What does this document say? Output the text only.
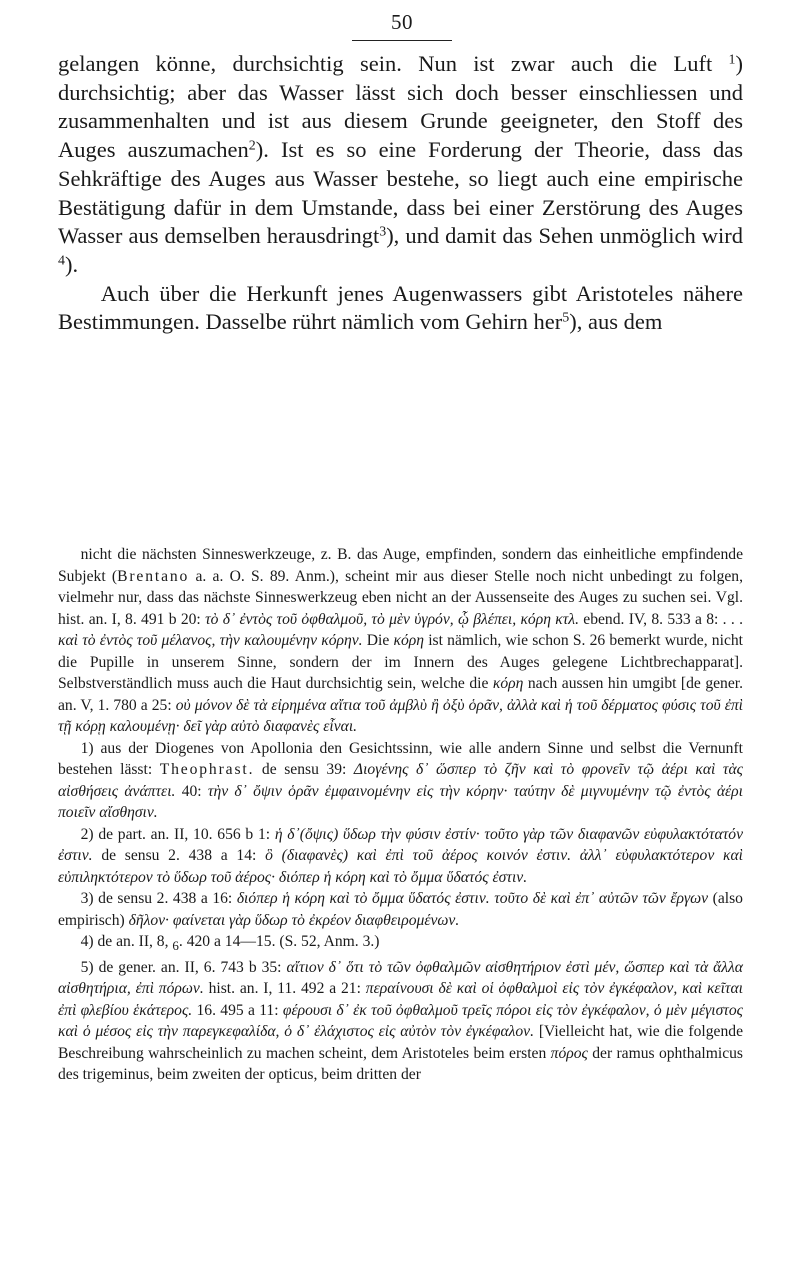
50

gelangen könne, durchsichtig sein. Nun ist zwar auch die Luft $^1$) durchsichtig; aber das Wasser lässt sich doch besser einschliessen und zusammenhalten und ist aus diesem Grunde geeigneter, den Stoff des Auges auszumachen$^2$). Ist es so eine Forderung der Theorie, dass das Sehkräftige des Auges aus Wasser bestehe, so liegt auch eine empirische Bestätigung dafür in dem Umstande, dass bei einer Zerstörung des Auges Wasser aus demselben herausdringt$^3$), und damit das Sehen unmöglich wird $^4$).

Auch über die Herkunft jenes Augenwassers gibt Aristoteles nähere Bestimmungen. Dasselbe rührt nämlich vom Gehirn her$^5$), aus dem

nicht die nächsten Sinneswerkzeuge, z. B. das Auge, empfinden, sondern das einheitliche empfindende Subjekt (Brentano a. a. O. S. 89. Anm.), scheint mir aus dieser Stelle noch nicht unbedingt zu folgen, vielmehr nur, dass das nächste Sinneswerkzeug eben nicht an der Aussenseite des Auges zu suchen sei. Vgl. hist. an. I, 8. 491 b 20: τὸ δ᾽ ἐντὸς τοῦ ὀφθαλμοῦ, τὸ μὲν ὑγρόν, ᾧ βλέπει, κόρη κτλ. ebend. IV, 8. 533 a 8: . . . καὶ τὸ ἐντὸς τοῦ μέλανος, τὴν καλουμένην κόρην. Die κόρη ist nämlich, wie schon S. 26 bemerkt wurde, nicht die Pupille in unserem Sinne, sondern der im Innern des Auges gelegene Lichtbrechapparat]. Selbstverständlich muss auch die Haut durchsichtig sein, welche die κόρη nach aussen hin umgibt [de gener. an. V, 1. 780 a 25: οὐ μόνον δὲ τὰ εἰρημένα αἴτια τοῦ ἀμβλὺ ἢ ὀξὺ ὁρᾶν, ἀλλὰ καὶ ἡ τοῦ δέρματος φύσις τοῦ ἐπὶ τῇ κόρῃ καλουμένῃ· δεῖ γὰρ αὐτὸ διαφανὲς εἶναι.

1) aus der Diogenes von Apollonia den Gesichtssinn, wie alle andern Sinne und selbst die Vernunft bestehen lässt: Theophrast. de sensu 39: Διογένης δ᾽ ὥσπερ τὸ ζῆν καὶ τὸ φρονεῖν τῷ ἀέρι καὶ τὰς αἰσθήσεις ἀνάπτει. 40: τὴν δ᾽ ὄψιν ὁρᾶν ἐμφαινομένην εἰς τὴν κόρην· ταύτην δὲ μιγνυμένην τῷ ἐντὸς ἀέρι ποιεῖν αἴσθησιν.

2) de part. an. II, 10. 656 b 1: ἡ δ᾽(ὄψις) ὕδωρ τὴν φύσιν ἐστίν· τοῦτο γὰρ τῶν διαφανῶν εὐφυλακτότατόν ἐστιν. de sensu 2. 438 a 14: ὃ (διαφανὲς) καὶ ἐπὶ τοῦ ἀέρος κοινόν ἐστιν. ἀλλ᾽ εὐφυλακτότερον καὶ εὐπιληκτότερον τὸ ὕδωρ τοῦ ἀέρος· διόπερ ἡ κόρη καὶ τὸ ὄμμα ὕδατός ἐστιν.

3) de sensu 2. 438 a 16: διόπερ ἡ κόρη καὶ τὸ ὄμμα ὕδατός ἐστιν. τοῦτο δὲ καὶ ἐπ᾽ αὐτῶν τῶν ἔργων (also empirisch) δῆλον· φαίνεται γὰρ ὕδωρ τὸ ἐκρέον διαφθειρομένων.

4) de an. II, 8, $_6$. 420 a 14—15. (S. 52, Anm. 3.)

5) de gener. an. II, 6. 743 b 35: αἴτιον δ᾽ ὅτι τὸ τῶν ὀφθαλμῶν αἰσθητήριον ἐστὶ μέν, ὥσπερ καὶ τὰ ἄλλα αἰσθητήρια, ἐπὶ πόρων. hist. an. I, 11. 492 a 21: περαίνουσι δὲ καὶ οἱ ὀφθαλμοὶ εἰς τὸν ἐγκέφαλον, καὶ κεῖται ἐπὶ φλεβίου ἑκάτερος. 16. 495 a 11: φέρουσι δ᾽ ἐκ τοῦ ὀφθαλμοῦ τρεῖς πόροι εἰς τὸν ἐγκέφαλον, ὁ μὲν μέγιστος καὶ ὁ μέσος εἰς τὴν παρεγκεφαλίδα, ὁ δ᾽ ἐλάχιστος εἰς αὐτὸν τὸν ἐγκέφαλον. [Vielleicht hat, wie die folgende Beschreibung wahrscheinlich zu machen scheint, dem Aristoteles beim ersten πόρος der ramus ophthalmicus des trigeminus, beim zweiten der opticus, beim dritten der
